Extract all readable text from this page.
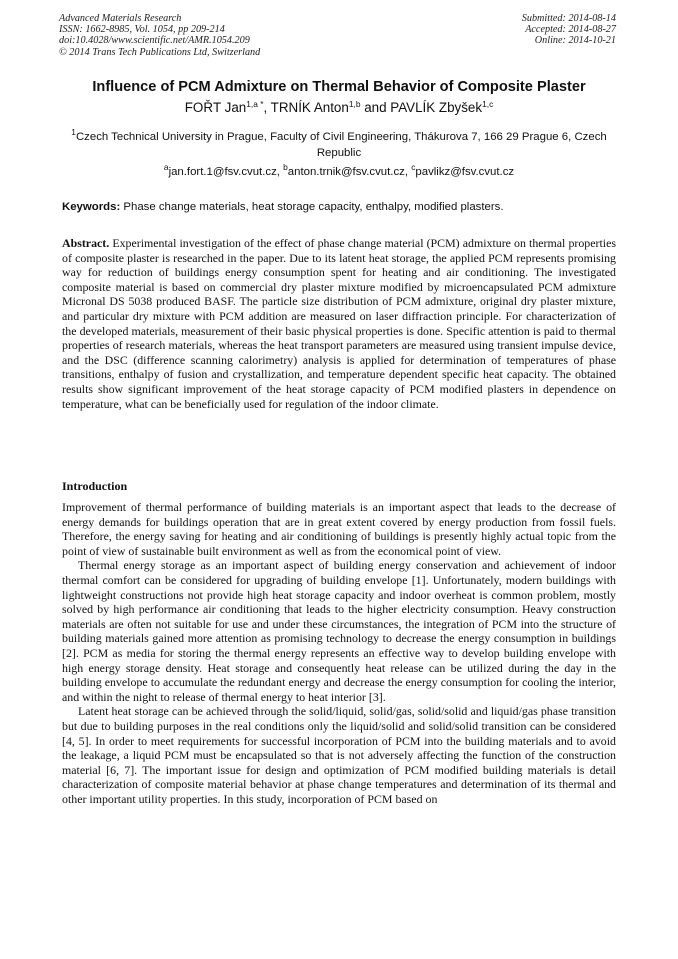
Advanced Materials Research
ISSN: 1662-8985, Vol. 1054, pp 209-214
doi:10.4028/www.scientific.net/AMR.1054.209
© 2014 Trans Tech Publications Ltd, Switzerland
Submitted: 2014-08-14
Accepted: 2014-08-27
Online: 2014-10-21
Influence of PCM Admixture on Thermal Behavior of Composite Plaster
FOŘT Jan$^{1,a *}$, TRNÍK Anton$^{1,b}$ and PAVLÍK Zbyšek$^{1,c}$
$^1$Czech Technical University in Prague, Faculty of Civil Engineering, Thákurova 7, 166 29 Prague 6, Czech Republic
$^a$jan.fort.1@fsv.cvut.cz, $^b$anton.trnik@fsv.cvut.cz, $^c$pavlikz@fsv.cvut.cz
Keywords: Phase change materials, heat storage capacity, enthalpy, modified plasters.
Abstract. Experimental investigation of the effect of phase change material (PCM) admixture on thermal properties of composite plaster is researched in the paper. Due to its latent heat storage, the applied PCM represents promising way for reduction of buildings energy consumption spent for heating and air conditioning. The investigated composite material is based on commercial dry plaster mixture modified by microencapsulated PCM admixture Micronal DS 5038 produced BASF. The particle size distribution of PCM admixture, original dry plaster mixture, and particular dry mixture with PCM addition are measured on laser diffraction principle. For characterization of the developed materials, measurement of their basic physical properties is done. Specific attention is paid to thermal properties of research materials, whereas the heat transport parameters are measured using transient impulse device, and the DSC (difference scanning calorimetry) analysis is applied for determination of temperatures of phase transitions, enthalpy of fusion and crystallization, and temperature dependent specific heat capacity. The obtained results show significant improvement of the heat storage capacity of PCM modified plasters in dependence on temperature, what can be beneficially used for regulation of the indoor climate.
Introduction

Improvement of thermal performance of building materials is an important aspect that leads to the decrease of energy demands for buildings operation that are in great extent covered by energy production from fossil fuels. Therefore, the energy saving for heating and air conditioning of buildings is presently highly actual topic from the point of view of sustainable built environment as well as from the economical point of view.

Thermal energy storage as an important aspect of building energy conservation and achievement of indoor thermal comfort can be considered for upgrading of building envelope [1]. Unfortunately, modern buildings with lightweight constructions not provide high heat storage capacity and indoor overheat is common problem, mostly solved by high performance air conditioning that leads to the higher electricity consumption. Heavy construction materials are often not suitable for use and under these circumstances, the integration of PCM into the structure of building materials gained more attention as promising technology to decrease the energy consumption in buildings [2]. PCM as media for storing the thermal energy represents an effective way to develop building envelope with high energy storage density. Heat storage and consequently heat release can be utilized during the day in the building envelope to accumulate the redundant energy and decrease the energy consumption for cooling the interior, and within the night to release of thermal energy to heat interior [3].

Latent heat storage can be achieved through the solid/liquid, solid/gas, solid/solid and liquid/gas phase transition but due to building purposes in the real conditions only the liquid/solid and solid/solid transition can be considered [4, 5]. In order to meet requirements for successful incorporation of PCM into the building materials and to avoid the leakage, a liquid PCM must be encapsulated so that is not adversely affecting the function of the construction material [6, 7]. The important issue for design and optimization of PCM modified building materials is detail characterization of composite material behavior at phase change temperatures and determination of its thermal and other important utility properties. In this study, incorporation of PCM based on
